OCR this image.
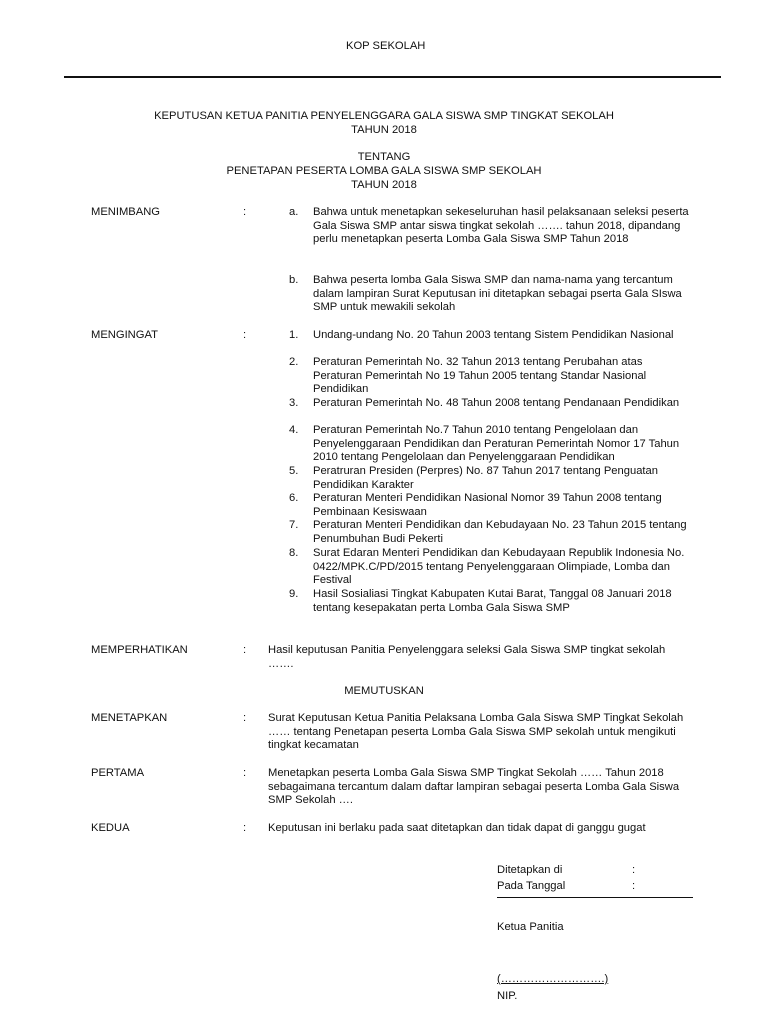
KOP SEKOLAH
KEPUTUSAN KETUA PANITIA PENYELENGGARA GALA SISWA SMP TINGKAT SEKOLAH
TAHUN 2018
TENTANG
PENETAPAN PESERTA LOMBA GALA SISWA SMP SEKOLAH
TAHUN 2018
MENIMBANG	:	a. Bahwa untuk menetapkan sekeseluruhan hasil pelaksanaan seleksi peserta Gala Siswa SMP antar siswa tingkat sekolah ……. tahun 2018, dipandang perlu menetapkan peserta Lomba Gala Siswa SMP Tahun 2018
b. Bahwa peserta lomba Gala Siswa SMP dan nama-nama yang tercantum dalam lampiran Surat Keputusan ini ditetapkan sebagai pserta Gala SIswa SMP untuk mewakili sekolah
MENGINGAT	:	1. Undang-undang No. 20 Tahun 2003 tentang Sistem Pendidikan Nasional
2. Peraturan Pemerintah No. 32 Tahun 2013 tentang Perubahan atas Peraturan Pemerintah No 19 Tahun 2005 tentang Standar Nasional Pendidikan
3. Peraturan Pemerintah No. 48 Tahun 2008 tentang Pendanaan Pendidikan
4. Peraturan Pemerintah No.7 Tahun 2010 tentang Pengelolaan dan Penyelenggaraan Pendidikan dan Peraturan Pemerintah Nomor 17 Tahun 2010 tentang Pengelolaan dan Penyelenggaraan Pendidikan
5. Peratruran Presiden (Perpres) No. 87 Tahun 2017 tentang Penguatan Pendidikan Karakter
6. Peraturan Menteri Pendidikan Nasional Nomor 39 Tahun 2008 tentang Pembinaan Kesiswaan
7. Peraturan Menteri Pendidikan dan Kebudayaan No. 23 Tahun 2015 tentang Penumbuhan Budi Pekerti
8. Surat Edaran Menteri Pendidikan dan Kebudayaan Republik Indonesia No. 0422/MPK.C/PD/2015 tentang Penyelenggaraan Olimpiade, Lomba dan Festival
9. Hasil Sosialiasi Tingkat Kabupaten Kutai Barat, Tanggal 08 Januari 2018 tentang kesepakatan perta Lomba Gala Siswa SMP
MEMPERHATIKAN	: Hasil keputusan Panitia Penyelenggara seleksi Gala Siswa SMP tingkat sekolah …….
MEMUTUSKAN
MENETAPKAN	: Surat Keputusan Ketua Panitia Pelaksana Lomba Gala Siswa SMP Tingkat Sekolah …… tentang Penetapan peserta Lomba Gala Siswa SMP sekolah untuk mengikuti tingkat kecamatan
PERTAMA	: Menetapkan peserta Lomba Gala Siswa SMP Tingkat Sekolah …… Tahun 2018 sebagaimana tercantum dalam daftar lampiran sebagai peserta Lomba Gala Siswa SMP Sekolah ….
KEDUA	: Keputusan ini berlaku pada saat ditetapkan dan tidak dapat di ganggu gugat
Ditetapkan di	:
Pada Tanggal	:
Ketua Panitia
(……………………….)
NIP.
